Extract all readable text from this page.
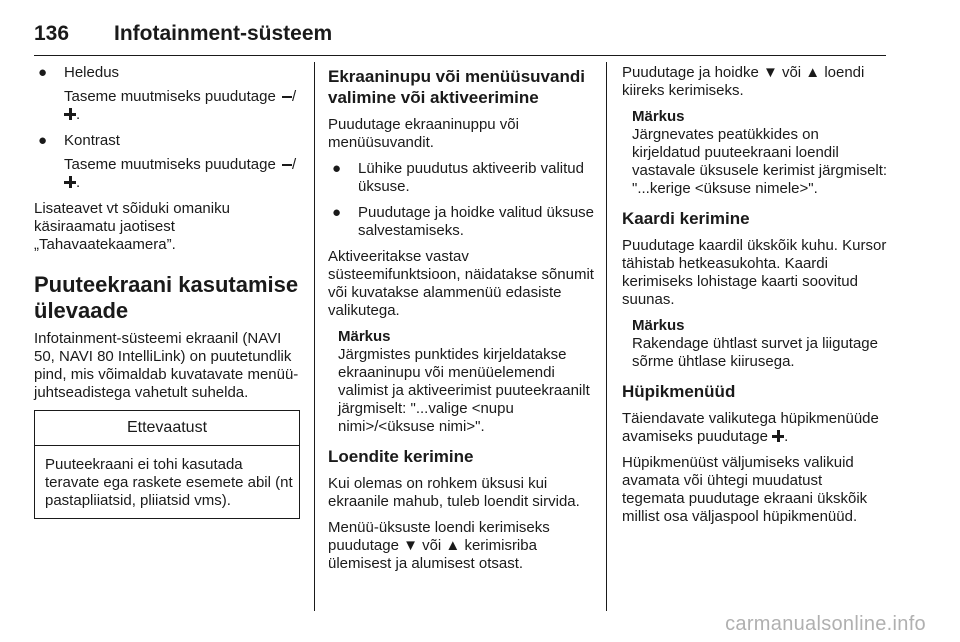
136 Infotainment-süsteem
● Heledus
Taseme muutmiseks puudutage /.
● Kontrast
Taseme muutmiseks puudutage /.

Lisateavet vt sõiduki omaniku käsiraamatu jaotisest „Tahavaatekaamera”.

Puuteekraani kasutamise ülevaade

Infotainment-süsteemi ekraanil (NAVI 50, NAVI 80 IntelliLink) on puutetundlik pind, mis võimaldab kuvatavate menüü-juhtseadistega vahetult suhelda.

Ettevaatust
Puuteekraani ei tohi kasutada teravate ega raskete esemete abil (nt pastapliiatsid, pliiatsid vms).
Ekraaninupu või menüüsuvandi valimine või aktiveerimine

Puudutage ekraaninuppu või menüüsuvandit.

● Lühike puudutus aktiveerib valitud üksuse.
● Puudutage ja hoidke valitud üksuse salvestamiseks.

Aktiveeritakse vastav süsteemifunktsioon, näidatakse sõnumit või kuvatakse alammenüü edasiste valikutega.

Märkus
Järgmistes punktides kirjeldatakse ekraaninupu või menüüelemendi valimist ja aktiveerimist puuteekraanilt järgmiselt: "...valige <nupu nimi>/<üksuse nimi>".
Loendite kerimine

Kui olemas on rohkem üksusi kui ekraanile mahub, tuleb loendit sirvida.

Menüü-üksuste loendi kerimiseks puudutage ▼ või ▲ kerimisriba ülemisest ja alumisest otsast.

Puudutage ja hoidke ▼ või ▲ loendi kiireks kerimiseks.

Märkus
Järgnevates peatükkides on kirjeldatud puuteekraani loendil vastavale üksusele kerimist järgmiselt: "...kerige <üksuse nimele>".
Kaardi kerimine

Puudutage kaardil ükskõik kuhu. Kursor tähistab hetkeasukohta. Kaardi kerimiseks lohistage kaarti soovitud suunas.

Märkus
Rakendage ühtlast survet ja liigutage sõrme ühtlase kiirusega.
Hüpikmenüüd

Täiendavate valikutega hüpikmenüüde avamiseks puudutage .

Hüpikmenüüst väljumiseks valikuid avamata või ühtegi muudatust tegemata puudutage ekraani ükskõik millist osa väljaspool hüpikmenüüd.

carmanualsonline.info
